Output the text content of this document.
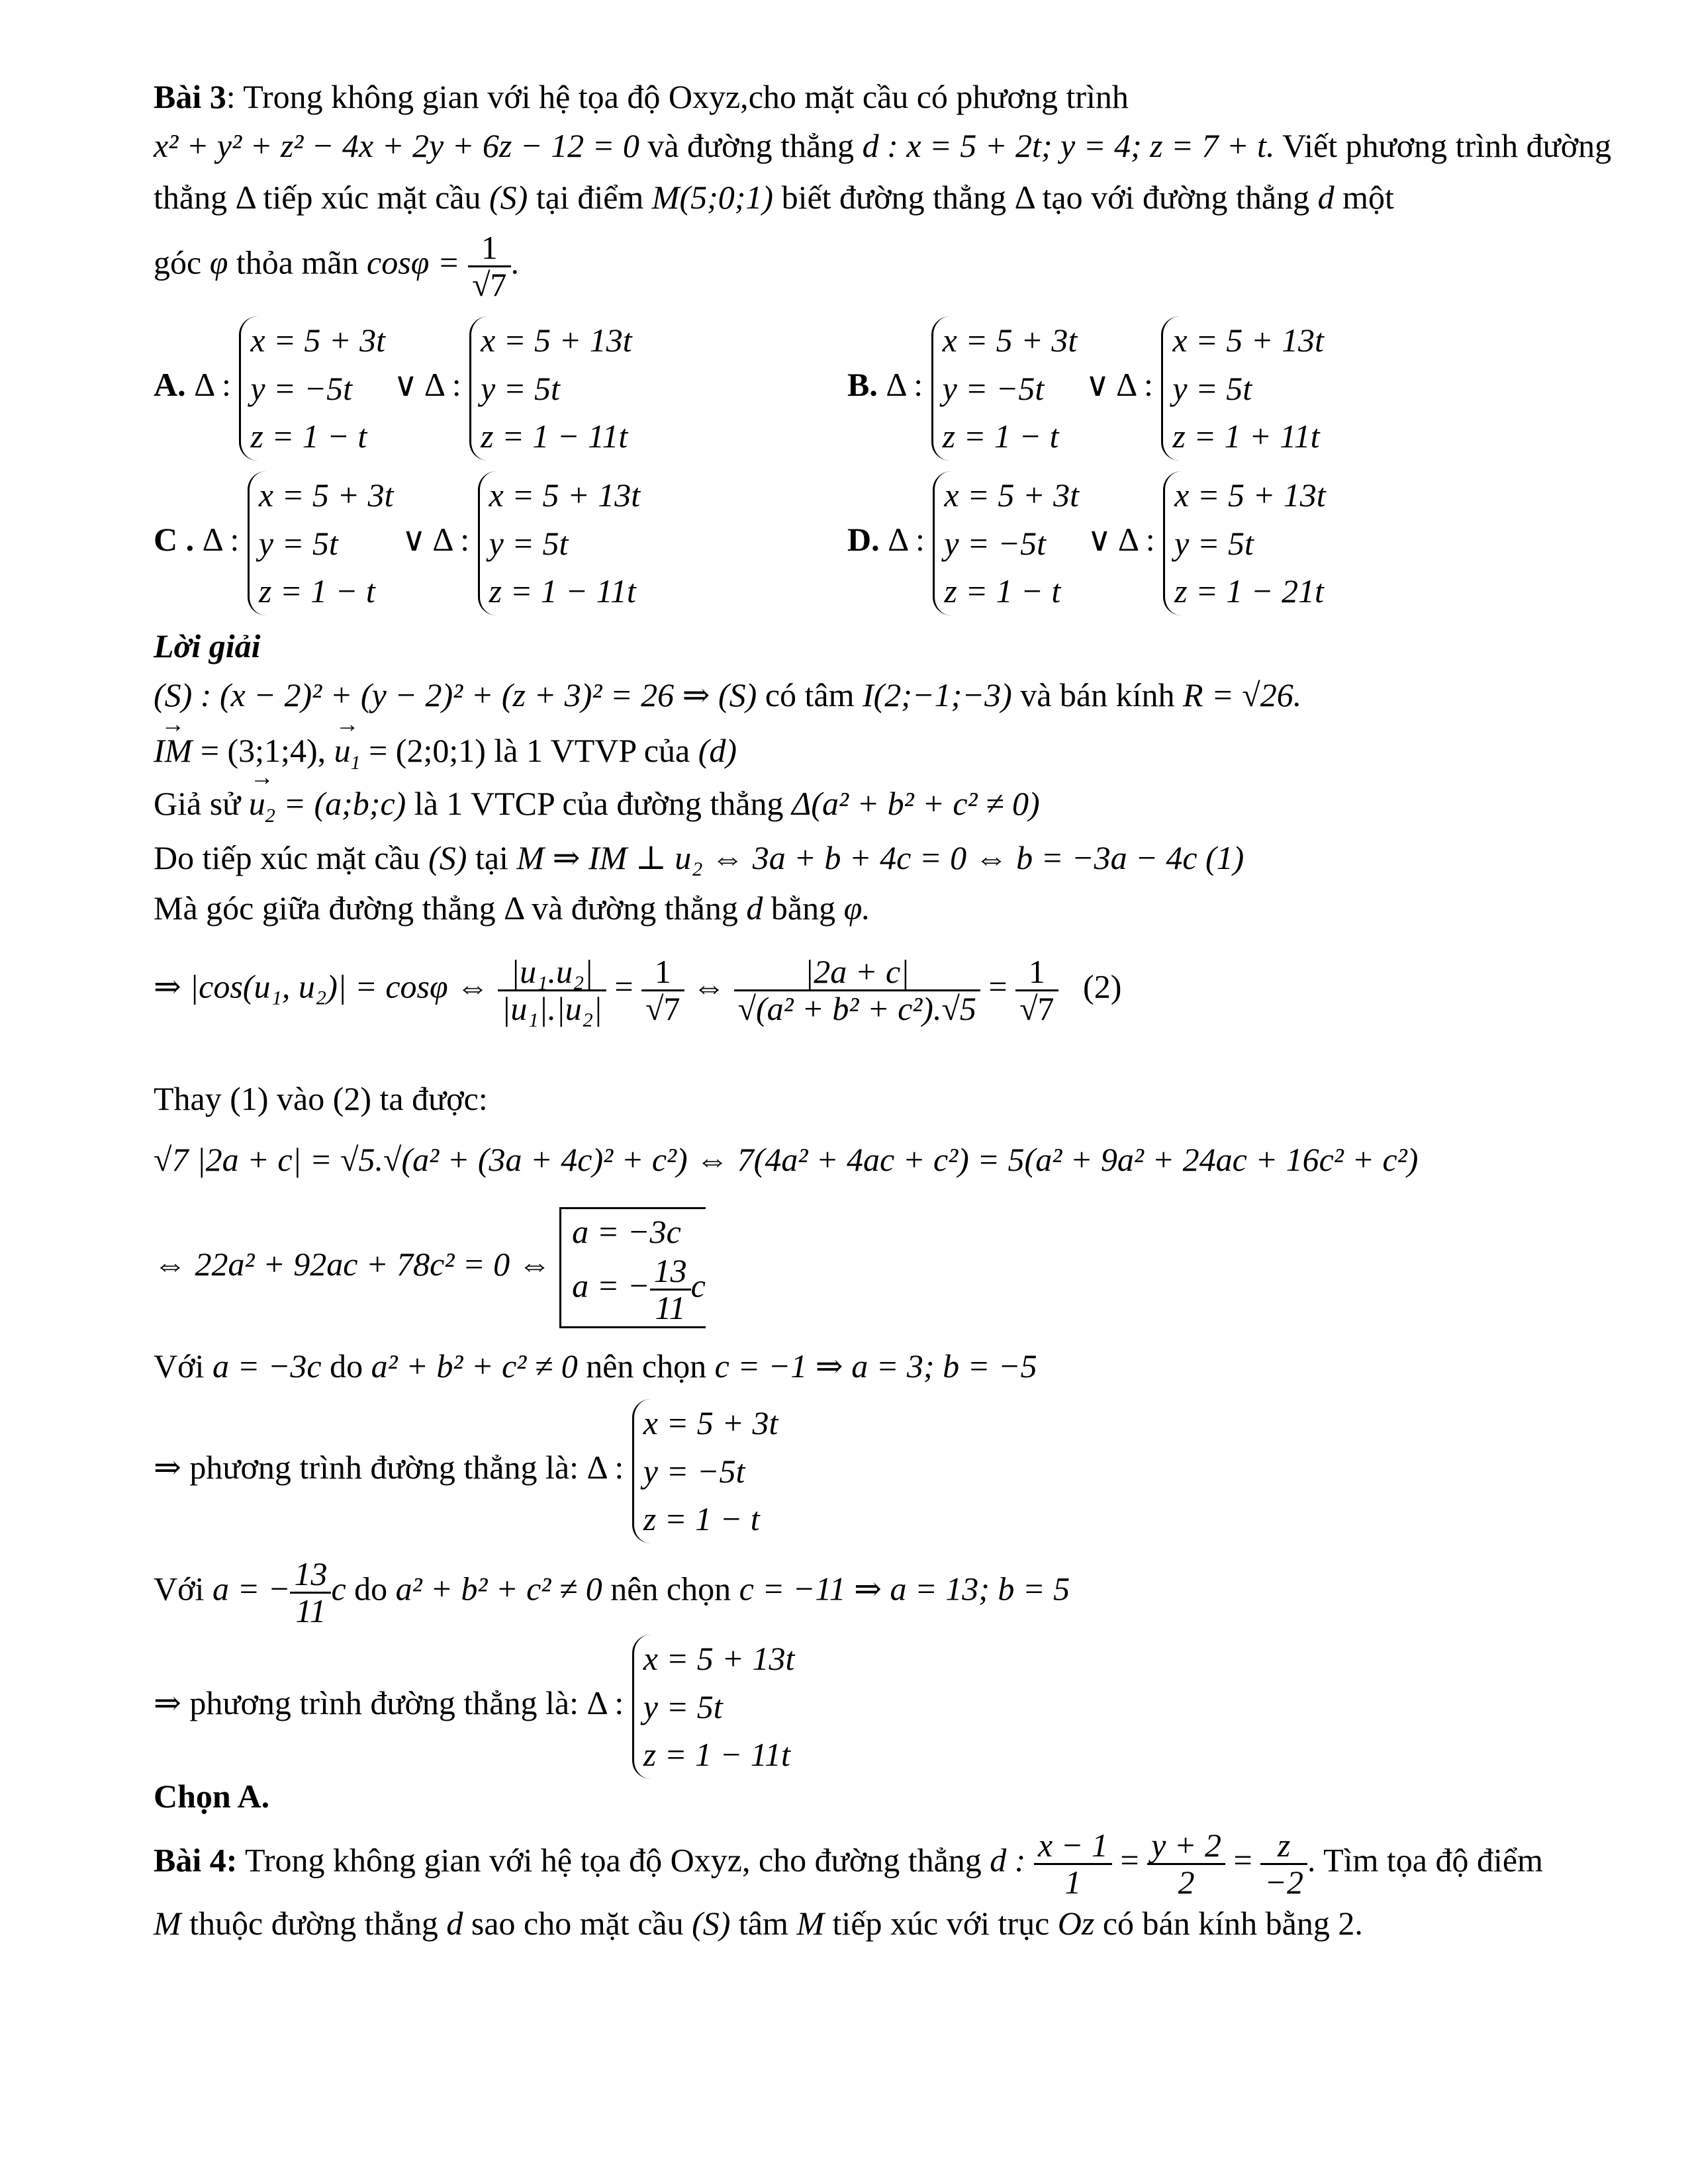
Bài 3: Trong không gian với hệ tọa độ Oxyz,cho mặt cầu có phương trình
x² + y² + z² − 4x + 2y + 6z − 12 = 0 và đường thẳng d : x = 5 + 2t; y = 4; z = 7 + t. Viết phương trình đường
thẳng Δ tiếp xúc mặt cầu (S) tại điểm M(5;0;1) biết đường thẳng Δ tạo với đường thẳng d một
góc φ thỏa mãn $\cos\varphi = \frac{1}{√7}$ .
A. Δ :
x = 5 + 3t
y = −5t
z = 1 − t
∨ Δ :
x = 5 + 13t
y = 5t
z = 1 − 11t
B. Δ :
x = 5 + 3t
y = −5t
z = 1 − t
∨ Δ :
x = 5 + 13t
y = 5t
z = 1 + 11t
C . Δ :
x = 5 + 3t
y = 5t
z = 1 − t
∨ Δ :
x = 5 + 13t
y = 5t
z = 1 − 11t
D. Δ :
x = 5 + 3t
y = −5t
z = 1 − t
∨ Δ :
x = 5 + 13t
y = 5t
z = 1 − 21t
Lời giải
(S) : (x − 2)² + (y − 2)² + (z + 3)² = 26 ⇒ (S) có tâm I(2;−1;−3) và bán kính R = √26.
→ IM = (3;1;4), → $u_1$ = (2;0;1) là 1 VTVP của (d)
Giả sử → $u_2$ = (a;b;c) là 1 VTCP của đường thẳng Δ(a² + b² + c² ≠ 0)
Do tiếp xúc mặt cầu (S) tại M ⇒ IM ⊥ u₂ ⇔ 3a + b + 4c = 0 ⇔ b = −3a − 4c (1)
Mà góc giữa đường thẳng Δ và đường thẳng d bằng φ.
⇒ |cos(u₁, u₂)| = cosφ ⇔ $\frac{\text{|u₁.u₂|}}{\text{|u₁|.|u₂|}} = \frac{1}{√7}$ ⇔ $\frac{|2a + c|}{\text{√(a² + b² + c²).√5}} = \frac{1}{√7} (2)$
Thay (1) vào (2) ta được:
√7 |2a + c| = √5.√(a² + (3a + 4c)² + c²) ⇔ 7(4a² + 4ac + c²) = 5(a² + 9a² + 24ac + 16c² + c²)
⇔ 22a² + 92ac + 78c² = 0 ⇔
a = −3c
a = − $\frac{13}{11}$ c
Với a = −3c do a² + b² + c² ≠ 0 nên chọn c = −1 ⇒ a = 3; b = −5
⇒ phương trình đường thẳng là: Δ :
x = 5 + 3t
y = −5t
z = 1 − t
Với a = − $\frac{13}{11}$ c do a² + b² + c² ≠ 0 nên chọn c = −11 ⇒ a = 13; b = 5
⇒ phương trình đường thẳng là: Δ :
x = 5 + 13t
y = 5t
z = 1 − 11t
Chọn A.
Bài 4: Trong không gian với hệ tọa độ Oxyz, cho đường thẳng d : $\frac{x - 1}{1} = \frac{y + 2}{2} = \frac{z}{-2}$ . Tìm tọa độ điểm
M thuộc đường thẳng d sao cho mặt cầu (S) tâm M tiếp xúc với trục Oz có bán kính bằng 2.
